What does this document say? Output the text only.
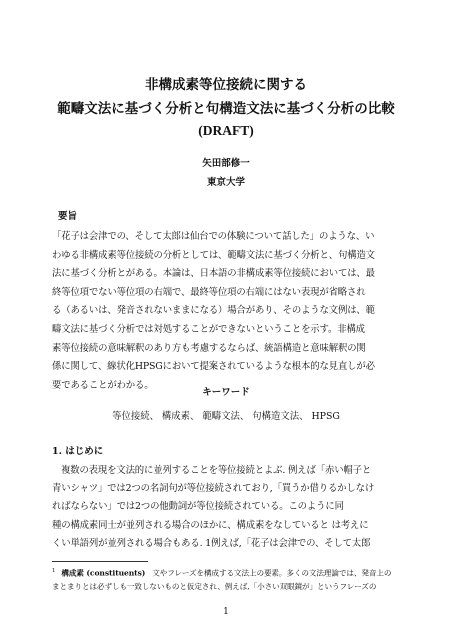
非構成素等位接続に関する
範疇文法に基づく分析と句構造文法に基づく分析の比較
(DRAFT)
矢田部修一
東京大学
要旨
「花子は会津での、そして太郎は仙台での体験について話した」のような、い
わゆる非構成素等位接続の分析としては、範疇文法に基づく分析と、句構造文
法に基づく分析とがある。本論は、日本語の非構成素等位接続においては、最
終等位項でない等位項の右端で、最終等位項の右端にはない表現が省略され
る（あるいは、発音されないままになる）場合があり、そのような文例は、範
疇文法に基づく分析では対処することができないということを示す。非構成
素等位接続の意味解釈のあり方も考慮するならば、統語構造と意味解釈の関
係に関して、線状化HPSGにおいて提案されているような根本的な見直しが必
要であることがわかる。
キーワード
等位接続、 構成素、 範疇文法、 句構造文法、 HPSG
1. はじめに
複数の表現を文法的に並列することを等位接続とよぶ. 例えば「赤い帽子と
青いシャツ」では2つの名詞句が等位接続されており,「買うか借りるかしなけ
ればならない」では2つの他動詞が等位接続されている。このように同
種の構成素同士が並列される場合のほかに、構成素をなしていると は考えに
くい単語列が並列される場合もある. 1例えば,「花子は会津での、そして太郎
$^1$ 構成素 (constituents) 文やフレーズを構成する文法上の要素。多くの文法理論では、発音上の
まとまりとは必ずしも一致しないものと仮定され、例えば,「小さい双眼鏡が」というフレーズの
1
